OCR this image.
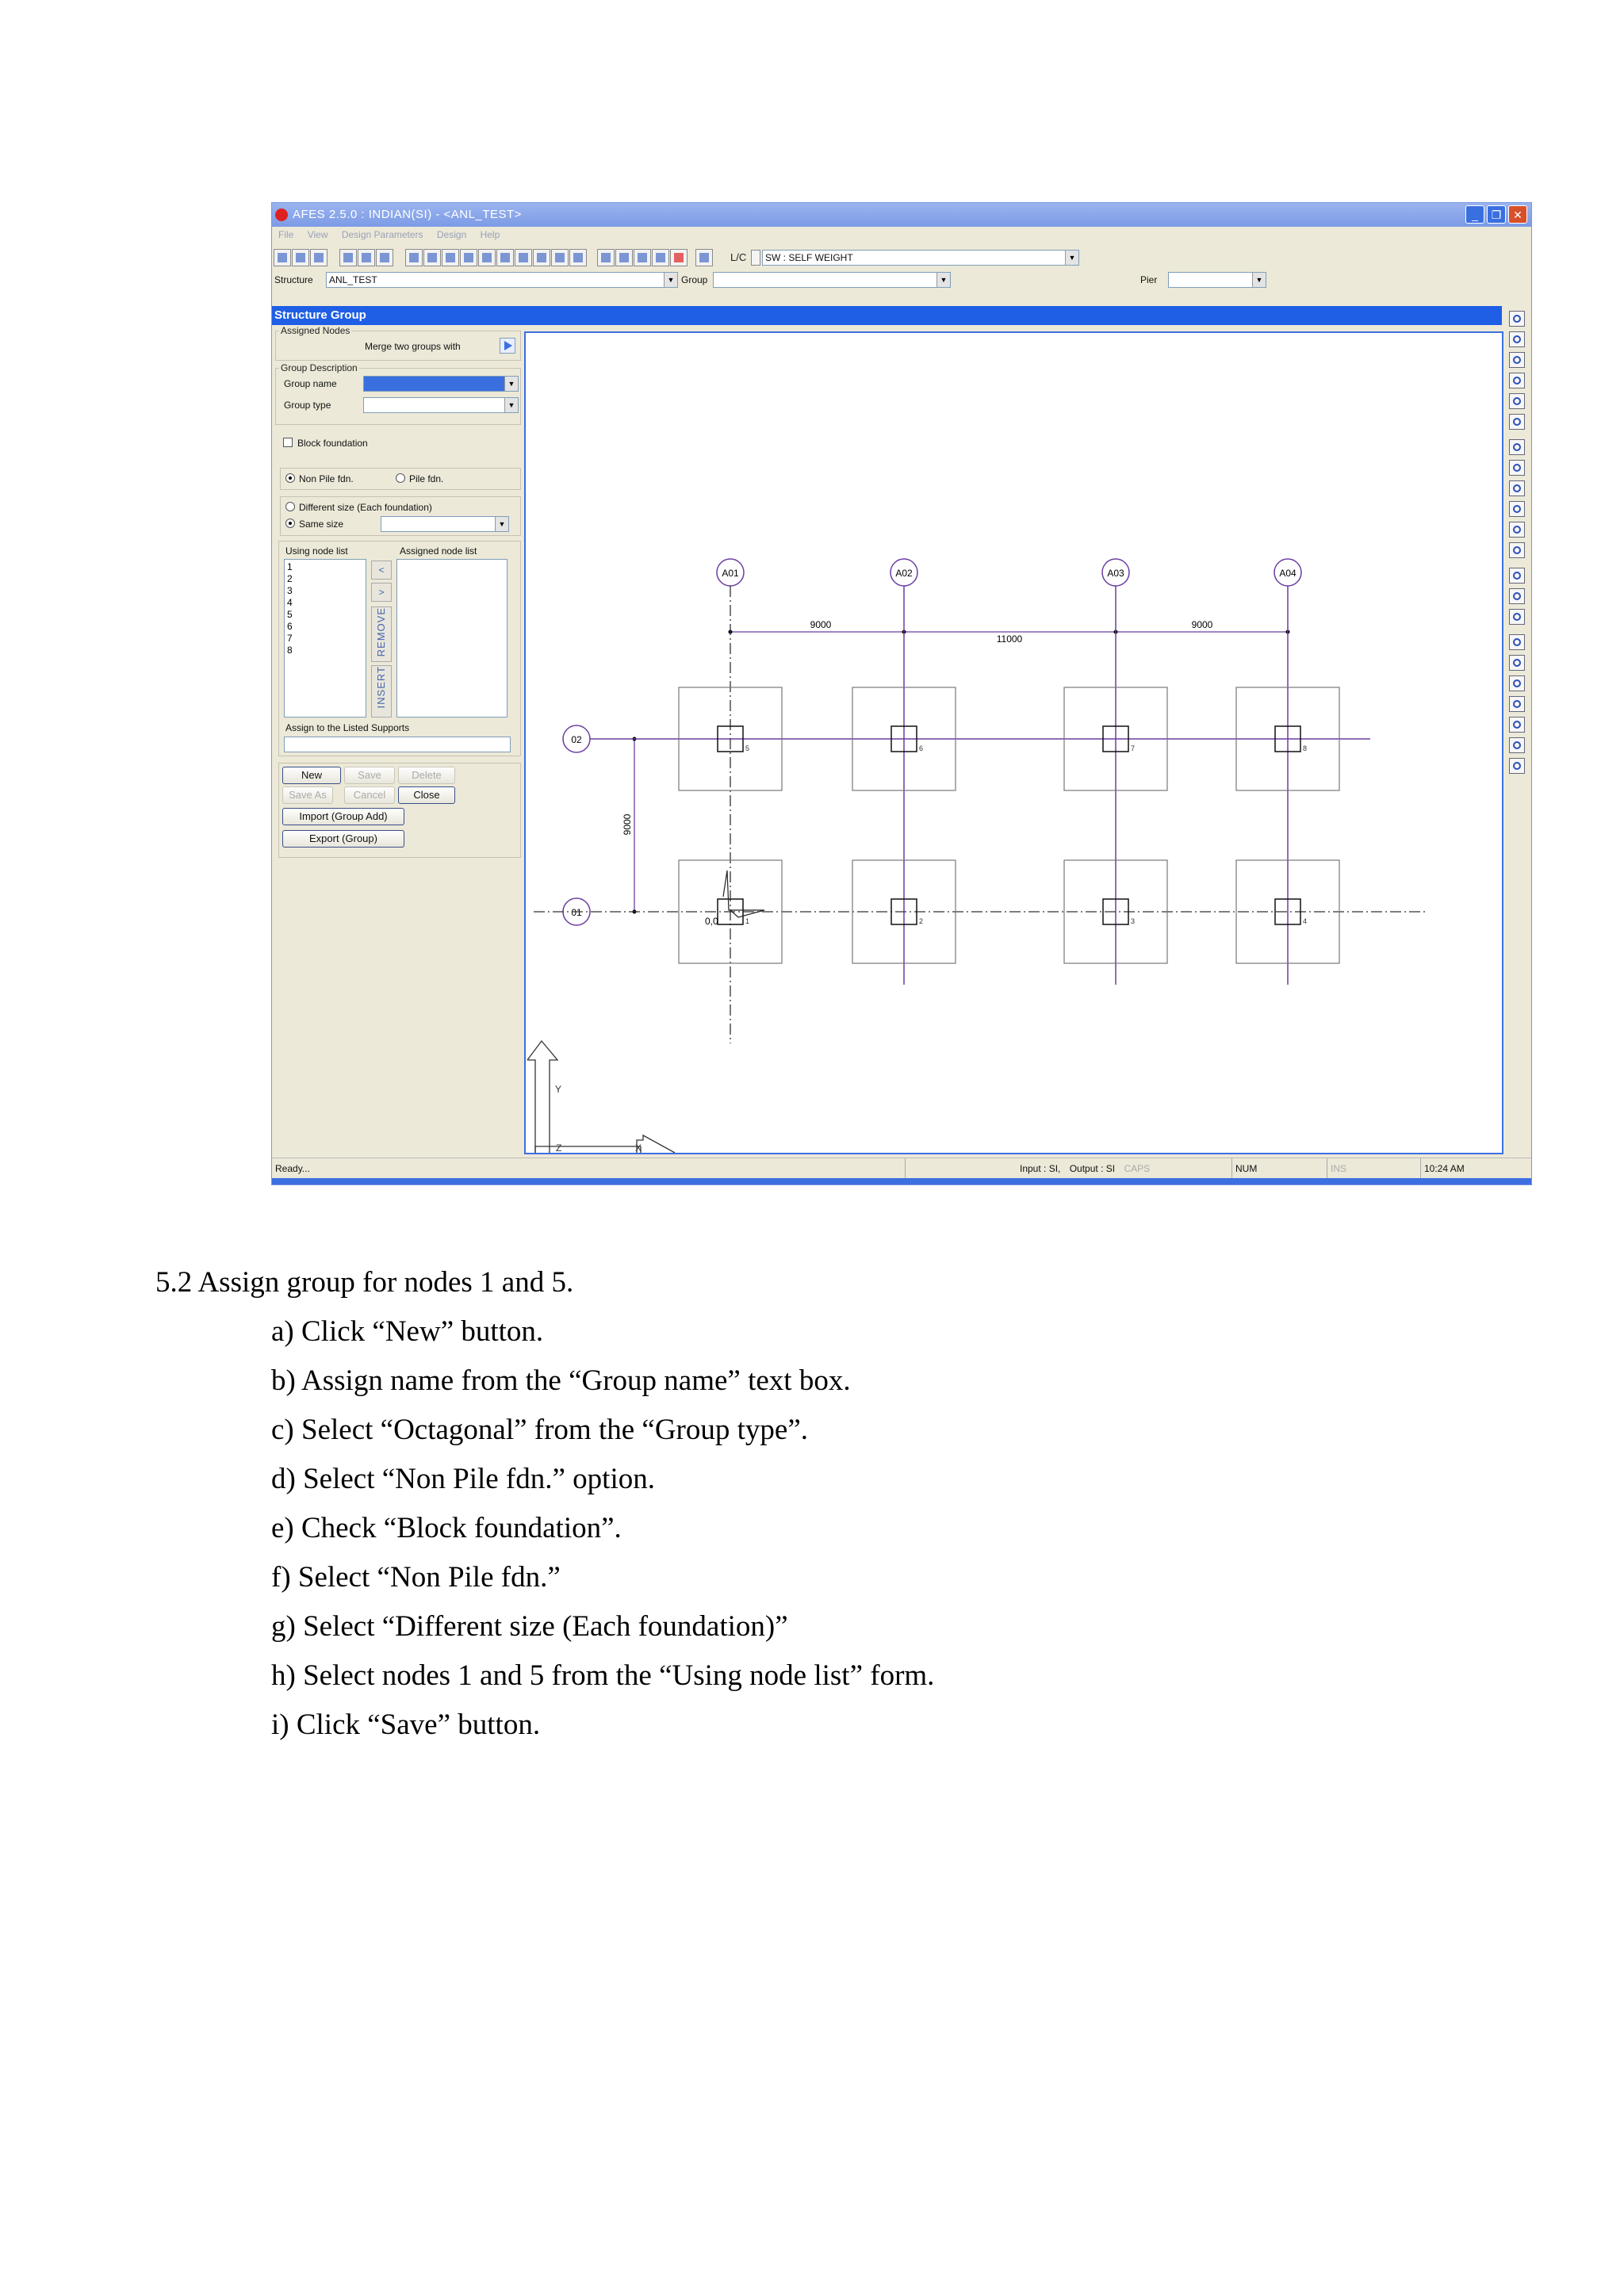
AFES 2.5.0 : INDIAN(SI) - <ANL_TEST>	_	❐	✕
File View Design Parameters Design Help
L/C	SW : SELF WEIGHT	▼
Structure	ANL_TEST	▼ Group	▼	Pier	▼
Structure Group
Assigned Nodes
Merge two groups with
Group Description
Group name	▼
Group type	▼
Block foundation
Non Pile fdn.	Pile fdn.
Different size (Each foundation)
Same size	▼
Using node list	Assigned node list
1
2
3
4
5
6
7
8
<
>
REMOVE
INSERT
Assign to the Listed Supports
New	Save	Delete
Save As	Cancel	Close
Import (Group Add)
Export (Group)
A01	A02	A03	A04
02
01
9000
11000
9000
9000
5	6	7	8
1	2	3	4
0,0
Y
Z	X
Ready...	Input : SI, Output : SI CAPS	NUM	INS	10:24 AM
5.2 Assign group for nodes 1 and 5.
a) Click “New” button.
b) Assign name from the “Group name” text box.
c) Select “Octagonal” from the “Group type”.
d) Select “Non Pile fdn.” option.
e) Check “Block foundation”.
f) Select “Non Pile fdn.”
g) Select “Different size (Each foundation)”
h) Select nodes 1 and 5 from the “Using node list” form.
i) Click “Save” button.
